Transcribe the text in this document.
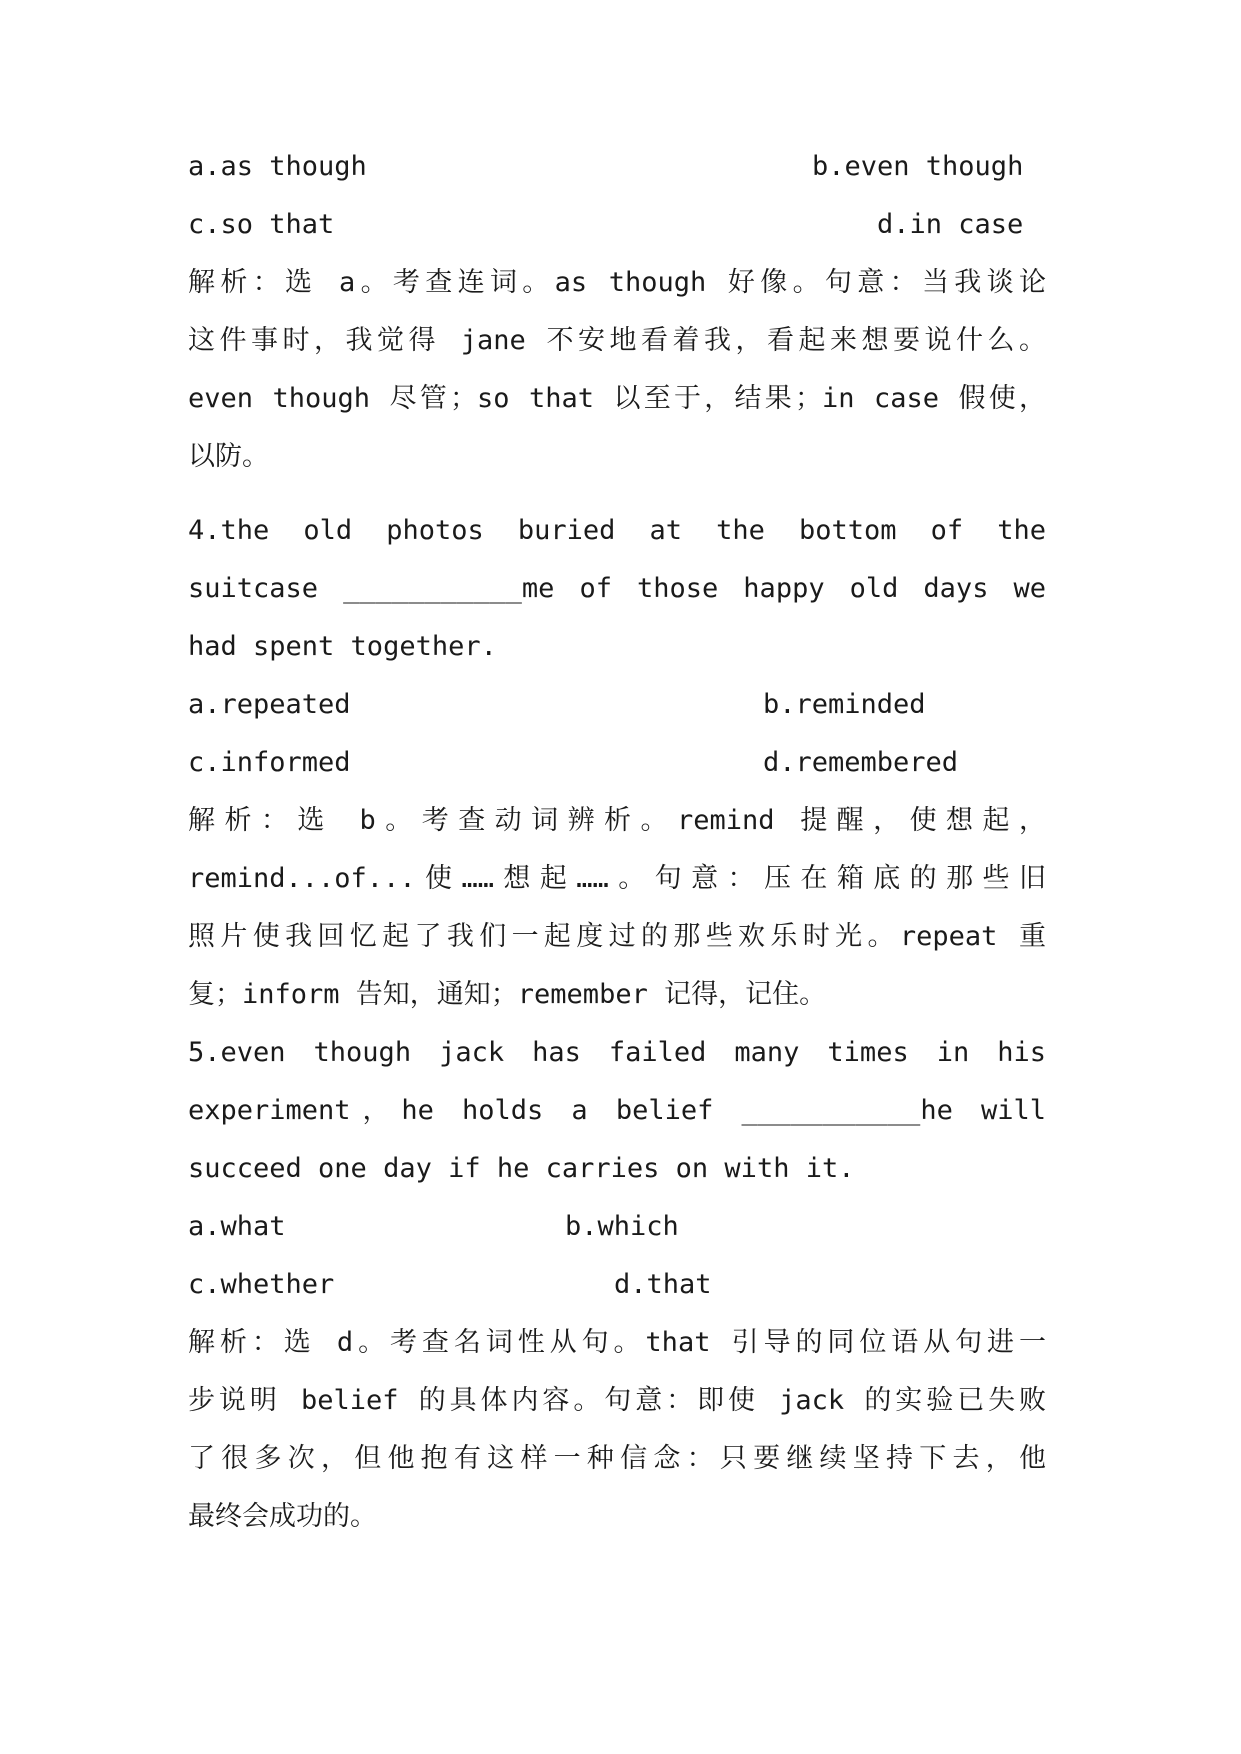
a.as though	b.even though
c.so that	d.in case
解析：选 a。考查连词。as though 好像。句意：当我谈论
这件事时，我觉得 jane 不安地看着我，看起来想要说什么。
even though 尽管；so that 以至于，结果；in case 假使，
以防。
4.the old photos buried at the bottom of the
suitcase ___________me of those happy old days we
had spent together.
a.repeated	b.reminded
c.informed	d.remembered
解析：选 b。考查动词辨析。remind 提醒，使想起，
remind...of...使……想起……。句意：压在箱底的那些旧
照片使我回忆起了我们一起度过的那些欢乐时光。repeat 重
复；inform 告知，通知；remember 记得，记住。
5.even though jack has failed many times in his
experiment，he holds a belief ___________he will
succeed one day if he carries on with it.
a.what	b.which
c.whether	d.that
解析：选 d。考查名词性从句。that 引导的同位语从句进一
步说明 belief 的具体内容。句意：即使 jack 的实验已失败
了很多次，但他抱有这样一种信念：只要继续坚持下去，他
最终会成功的。
